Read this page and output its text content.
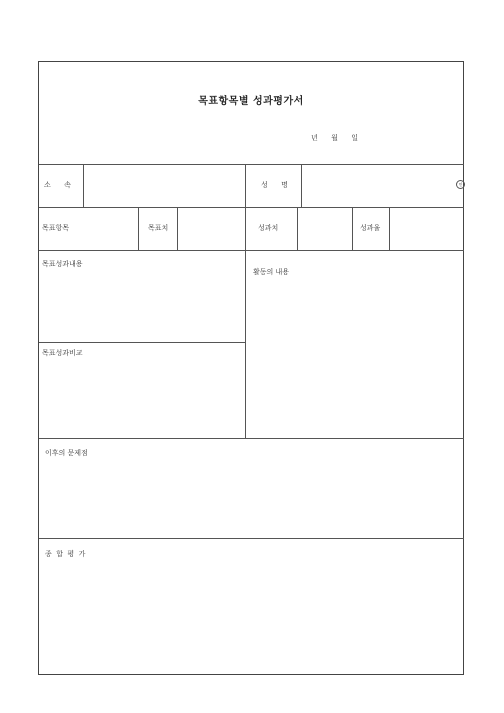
목표항목별 성과평가서
년      월      일
소      속	성      명	인
목표항목	목표치	성과치	성과율
목표성과내용
활동의 내용
목표성과비교
이후의 문제점
종  합  평  가
